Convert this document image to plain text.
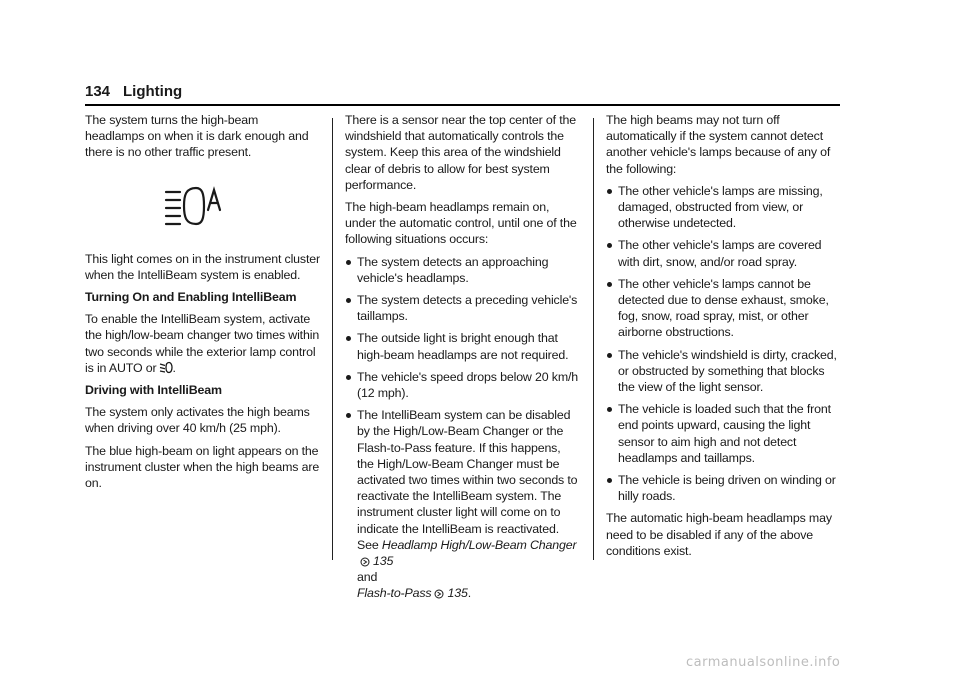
134 Lighting

The system turns the high-beam headlamps on when it is dark enough and there is no other traffic present.

This light comes on in the instrument cluster when the IntelliBeam system is enabled.

Turning On and Enabling IntelliBeam

To enable the IntelliBeam system, activate the high/low-beam changer two times within two seconds while the exterior lamp control is in AUTO or .

Driving with IntelliBeam

The system only activates the high beams when driving over 40 km/h (25 mph).

The blue high-beam on light appears on the instrument cluster when the high beams are on.

There is a sensor near the top center of the windshield that automatically controls the system. Keep this area of the windshield clear of debris to allow for best system performance.

The high-beam headlamps remain on, under the automatic control, until one of the following situations occurs:

The system detects an approaching vehicle's headlamps.
The system detects a preceding vehicle's taillamps.
The outside light is bright enough that high-beam headlamps are not required.
The vehicle's speed drops below 20 km/h (12 mph).
The IntelliBeam system can be disabled by the High/Low-Beam Changer or the Flash-to-Pass feature. If this happens, the High/Low-Beam Changer must be activated two times within two seconds to reactivate the IntelliBeam system. The instrument cluster light will come on to indicate the IntelliBeam is reactivated. See Headlamp High/Low-Beam Changer135
and
Flash-to-Pass 135.

The high beams may not turn off automatically if the system cannot detect another vehicle's lamps because of any of the following:

The other vehicle's lamps are missing, damaged, obstructed from view, or otherwise undetected.
The other vehicle's lamps are covered with dirt, snow, and/or road spray.
The other vehicle's lamps cannot be detected due to dense exhaust, smoke, fog, snow, road spray, mist, or other airborne obstructions.
The vehicle's windshield is dirty, cracked, or obstructed by something that blocks the view of the light sensor.
The vehicle is loaded such that the front end points upward, causing the light sensor to aim high and not detect headlamps and taillamps.
The vehicle is being driven on winding or hilly roads.

The automatic high-beam headlamps may need to be disabled if any of the above conditions exist.

carmanualsonline.info
